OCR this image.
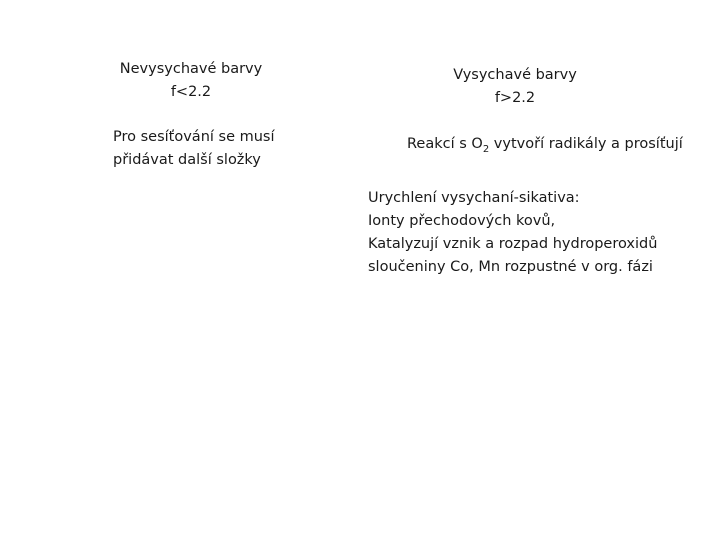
Nevysychavé barvy
f<2.2
Pro sesíťování se musí
přidávat další složky
Vysychavé barvy
f>2.2
Reakcí s $O_2$ vytvoří radikály a prosíťují
Urychlení vysychaní-sikativa:
Ionty přechodových kovů,
Katalyzují vznik a rozpad hydroperoxidů
sloučeniny Co, Mn rozpustné v org. fázi
